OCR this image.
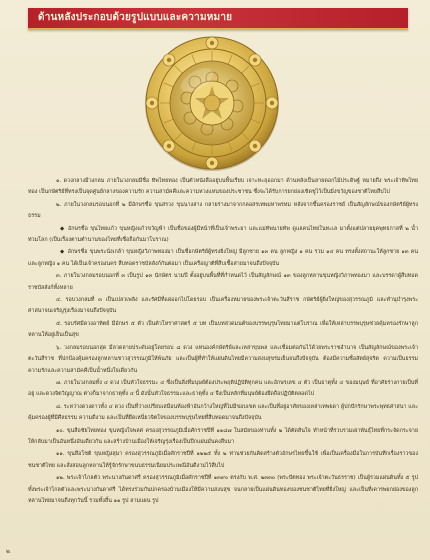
ด้านหลังประกอบด้วยรูปแบบและความหมาย

๑. ดวงกลางมีวงกลม ภายในวงกลมมีชื่อ ทิพไทยทอง เป็นตัวหนังสืออยู่บนพื้นเรียบ เจาะทะลุออกมา ด้านหลังเป็นลายดอกไม้ประดิษฐ์ หมายถึง พระเจ้าทิพไทยทอง เป็นกษัตริย์ที่ทรงเป็นจุดศูนย์กลางของความรัก ความสามัคคีและความหวงแหนของประชาชน ซึ่งจะได้รับการยกย่องเชิดชูไว้เป็นมิ่งขวัญของชาติไทยสืบไป

๒. ภายในวงกลมรอบนอกที่ ๒ มีอักษรชื่อ ขุนสรวง ขุนนางสาง กลายร่างมาจากกลอสรเทพมหาพรหม หลังจากขึ้นครองราชย์ เป็นสัญลักษณ์ของกษัตริย์ผู้ทรงธรรม

◆ อักษรชื่อ ขุนไทยแก้ว ขุนหญิงแก้วขวัญฟ้า เป็นชื่อของผู้มีหน้าที่เป็นเจ้าพระยา และแม่ทัพนายทัพ ดูแลคนไทยในทะเล มาตั้งแต่ปลายยุคพุทธกาลที่ ๒ น้ำท่วมโลก (เป็นเรื่องตามตำนานของไทยที่เชื่อถือกันมาโบราณ)

◆ อักษรชื่อ ขุนพระนั่งเกล้า ขุนหญิงวิภาพทองมา เป็นชื่อกษัตริย์ผู้ทรงยิ่งใหญ่ มีลูกชาย ๑๓ คน ลูกหญิง ๑ คน รวม ๑๔ คน ทรงตั้งสถานะให้ลูกชาย ๑๓ คน และลูกหญิง ๑ คน ได้เป็นเจ้าครองนคร สืบทอดราชบัลลังก์กันต่อมา เป็นเครือญาติที่สืบเชื้อสายมาจนถึงปัจจุบัน

๓. ภายในวงกลมรอบนอกที่ ๓ เป็นรูป ๑๓ นักษัตร นามปี ตั้งอยู่บนพื้นที่ที่กำหนดไว้ เป็นสัญลักษณ์ ๑๓ ของลูกหลานขุนหญิงวิภาพทองมา และบรรดาผู้สืบทอดราชบัลลังก์ทั้งหลาย

๔. รอบวงกลมที่ ๓ เป็นเปลวเพลิง และรัศมีที่แผ่ออกไปโดยรอบ เป็นเครื่องหมายของพระเจ้าตะวันสีราช กษัตริย์ผู้ยิ่งใหญ่ของสุวรรณภูมิ และทำนุบำรุงพระศาสนาจนเจริญรุ่งเรืองมาจนถึงปัจจุบัน

๕. รอบรัศมีดวงอาทิตย์ มีอักษร ๕ ตัว เป็นตัวโหราศาสตร์ ๕ บท เป็นบทสวดมนต์ของบรรพบุรุษไทยมาแต่โบราณ เพื่อให้เหล่าบรรพบุรุษช่วยคุ้มครองรักษาลูกหลานให้อยู่เย็นเป็นสุข

๖. วงกลมรอบนอกสุด มีลวดลายประดับอยู่โดยรอบ ๘ ดวง แทนองค์กษัตริย์และเหล่าขุนพล และเชื่อมต่อกันไว้ด้วยพระราชอำนาจ เป็นสัญลักษณ์ของพระเจ้าตะวันสีราช ที่ปกป้องคุ้มครองลูกหลานชาวสุวรรณภูมิให้พ้นภัย และเป็นผู้ที่ทำให้แผ่นดินไทยมีความสงบสุขร่มเย็นจนถึงปัจจุบัน ต้องมีความซื่อสัตย์สุจริต ความเป็นธรรม ความรักและความสามัคคีเป็นน้ำหนึ่งใจเดียวกัน

๗. ภายในวงกลมทั้ง ๔ ดวง เป็นหัวใจธรรมะ ๔ ซึ่งเป็นสิ่งที่มนุษย์ต้องประพฤติปฏิบัติทุกคน และอักษรเลข ๔ ตัว เป็นธาตุทั้ง ๔ ของมนุษย์ ที่อาศัยร่างกายเป็นที่อยู่ และดวงจิตวิญญาณ ต่างก็มาจากธาตุทั้ง ๔ นี้ ดังนั้นหัวใจธรรมะและธาตุทั้ง ๔ จึงเป็นหลักที่มนุษย์ต้องยึดถือปฏิบัติตลอดไป

๘. ระหว่างดวงดาวทั้ง ๔ ดวง เป็นที่ว่างเปรียบเสมือนท้องฟ้าอันกว้างใหญ่ที่ไม่มีขอบเขต และเป็นที่อยู่อาศัยของเหล่าเทพยดา ผู้ปกปักรักษาพระพุทธศาสนา และคุ้มครองผู้ที่มีศีลธรรม ความดีงาม และเป็นที่ยึดเหนี่ยวจิตใจของบรรพบุรุษไทยที่สืบทอดมาจนถึงปัจจุบัน

๑๐. ขุนสีอชัยไทยทอง ขุนหญิงใจพลศ ครองสุวรรณภูมิเมื่อศักราชปีที่ ๑๑๘๗ ในสมัยของท่านทั้ง ๒ ได้ตัดสินใจ ทำหน้าที่รวบรวมเผ่าพันธุ์ไทยที่กระจัดกระจาย ให้กลับมาเป็นอันหนึ่งอันเดียวกัน และสร้างบ้านเมืองให้เจริญรุ่งเรืองเป็นปึกแผ่นมั่นคงสืบมา

๑๑. ขุนสีอโชติ ขุนหญิงสุมา ครองสุวรรณภูมิเมื่อศักราชปีที่ ๑๒๒๕ ทั้ง ๒ ท่านช่วยกันคิดสร้างตัวอักษรไทยขึ้นใช้ เพื่อเป็นเครื่องมือในการบันทึกเรื่องราวของชนชาติไทย และสั่งสอนลูกหลานให้รู้จักรักษาขนบธรรมเนียมประเพณีอันดีงามไว้สืบไป

๑๒. พระเจ้าไกลตัว พระนางกันดาศรี ครองสุวรรณภูมิเมื่อศักราชปีที่ ๑๓๙๐ ตรงกับ พ.ศ. ๒๓๓๐ (พระปัตทอง พระเจ้าตะวันธรราช) เป็นผู้รวมแผ่นดินทั้ง ๕ รูป ทั้งพระเจ้าไกลตัวและพระนางกันดาศรี ได้ทรงร่วมกันปกครองบ้านเมืองให้มีความสงบสุข จนกลายเป็นแผ่นดินทองของชนชาติไทยที่ยิ่งใหญ่ และเป็นที่เคารพยกย่องของลูกหลานไทยมาจนถึงทุกวันนี้ รวมทั้งสิ้น ๑๑ รูป ลามแผน รูป

๒
